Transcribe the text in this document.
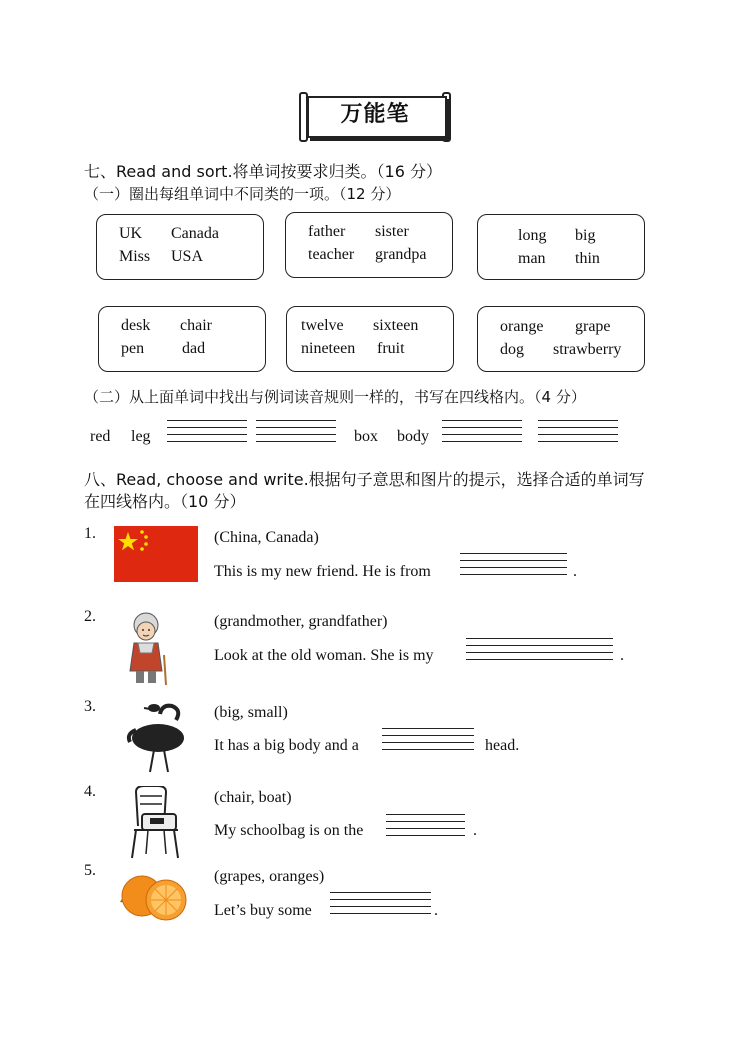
万能笔
七、Read and sort.将单词按要求归类。（16 分）
（一）圈出每组单词中不同类的一项。（12 分）
UK Canada
Miss USA
father sister
teacher grandpa
long big
man thin
desk chair
pen dad
twelve sixteen
nineteen fruit
orange grape
dog strawberry
（二）从上面单词中找出与例词读音规则一样的，书写在四线格内。（4 分）
red leg	box body
八、Read, choose and write.根据句子意思和图片的提示，选择合适的单词写
在四线格内。（10 分）
1.	(China, Canada)
This is my new friend. He is from	.
2.	(grandmother, grandfather)
Look at the old woman. She is my	.
3.	(big, small)
It has a big body and a	head.
4.	(chair, boat)
My schoolbag is on the	.
5.	(grapes, oranges)
Let’s buy some	.
